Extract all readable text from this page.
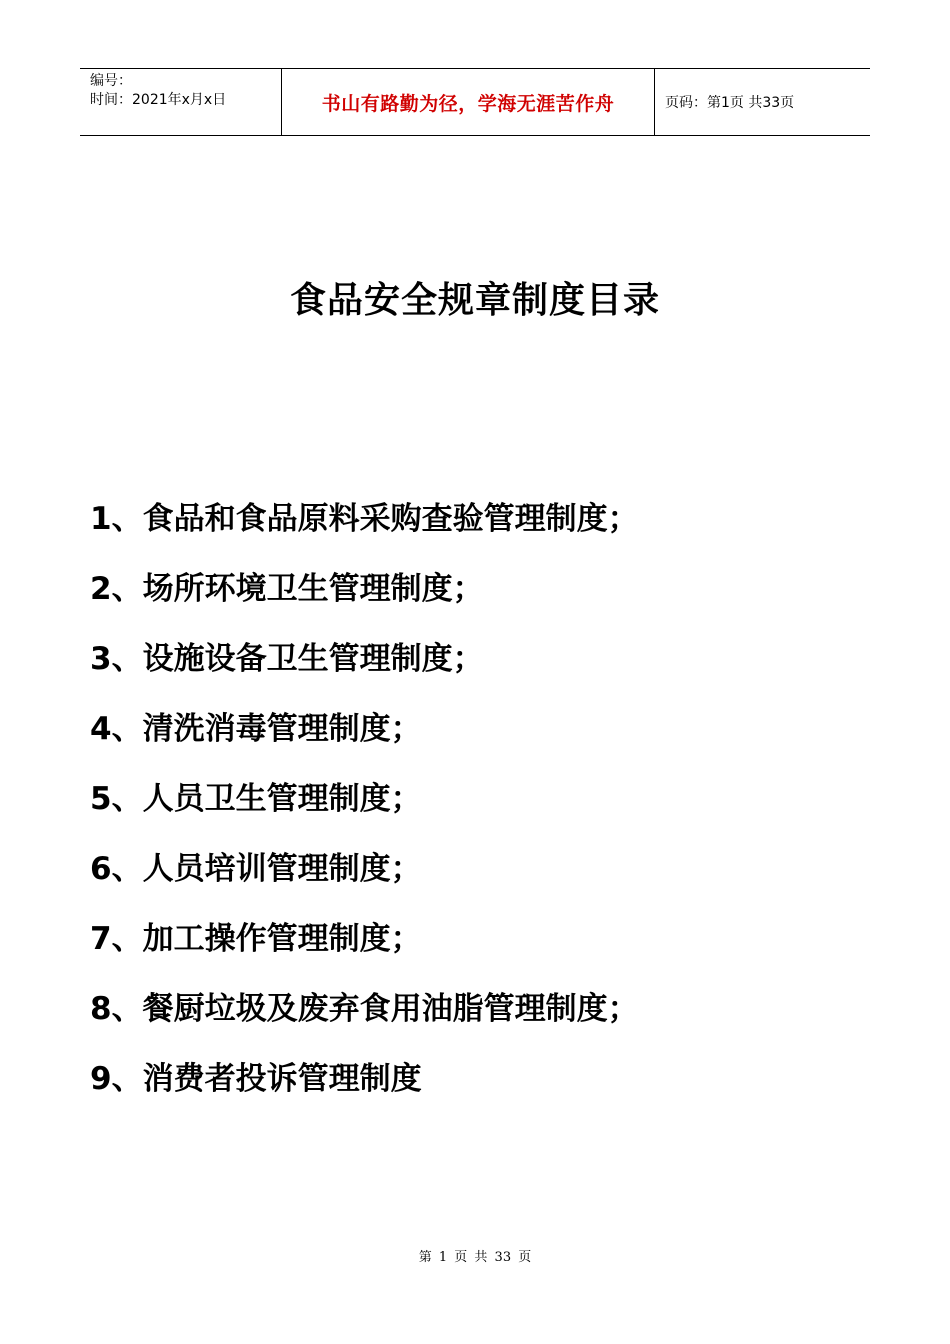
编号：
时间：2021年x月x日	书山有路勤为径，学海无涯苦作舟	页码：第1页 共33页
食品安全规章制度目录
1、食品和食品原料采购查验管理制度；
2、场所环境卫生管理制度；
3、设施设备卫生管理制度；
4、清洗消毒管理制度；
5、人员卫生管理制度；
6、人员培训管理制度；
7、加工操作管理制度；
8、餐厨垃圾及废弃食用油脂管理制度；
9、消费者投诉管理制度
第 1 页 共 33 页
